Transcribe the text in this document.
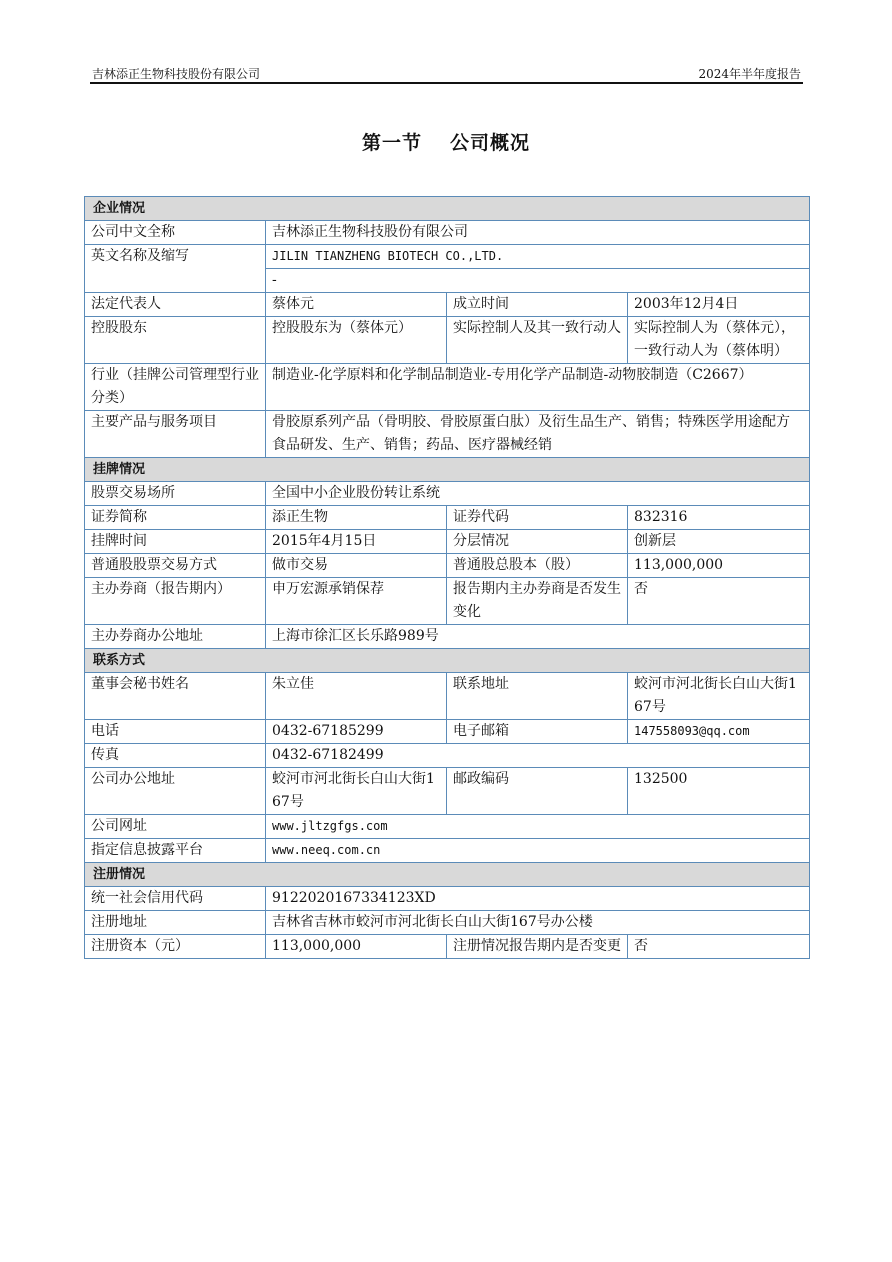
吉林添正生物科技股份有限公司	2024年半年度报告
第一节 公司概况
企业情况			
公司中文全称	吉林添正生物科技股份有限公司		
英文名称及缩写	JILIN TIANZHENG BIOTECH CO.,LTD.		
	-		
法定代表人	蔡体元	成立时间	2003年12月4日
控股股东	控股股东为（蔡体元）	实际控制人及其一致行动人	实际控制人为（蔡体元），一致行动人为（蔡体明）
行业（挂牌公司管理型行业分类）	制造业-化学原料和化学制品制造业-专用化学产品制造-动物胶制造（C2667）		
主要产品与服务项目	骨胶原系列产品（骨明胶、骨胶原蛋白肽）及衍生品生产、销售；特殊医学用途配方食品研发、生产、销售；药品、医疗器械经销		
挂牌情况			
股票交易场所	全国中小企业股份转让系统		
证券简称	添正生物	证券代码	832316
挂牌时间	2015年4月15日	分层情况	创新层
普通股股票交易方式	做市交易	普通股总股本（股）	113,000,000
主办券商（报告期内）	申万宏源承销保荐	报告期内主办券商是否发生变化	否
主办券商办公地址	上海市徐汇区长乐路989号		
联系方式			
董事会秘书姓名	朱立佳	联系地址	蛟河市河北街长白山大街167号
电话	0432-67185299	电子邮箱	147558093@qq.com
传真	0432-67182499		
公司办公地址	蛟河市河北街长白山大街167号	邮政编码	132500
公司网址	www.jltzgfgs.com		
指定信息披露平台	www.neeq.com.cn		
注册情况			
统一社会信用代码	9122020167334123XD		
注册地址	吉林省吉林市蛟河市河北街长白山大街167号办公楼		
注册资本（元）	113,000,000	注册情况报告期内是否变更	否
